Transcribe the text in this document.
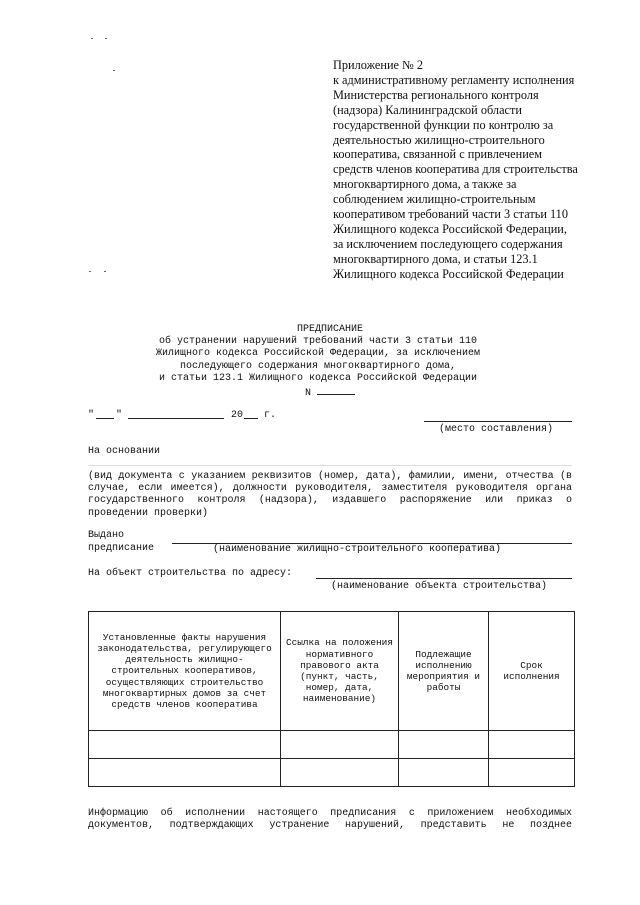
Приложение № 2
к административному регламенту исполнения
Министерства регионального контроля
(надзора) Калининградской области
государственной функции по контролю за
деятельностью жилищно-строительного
кооператива, связанной с привлечением
средств членов кооператива для строительства
многоквартирного дома, а также за
соблюдением жилищно-строительным
кооперативом требований части 3 статьи 110
Жилищного кодекса Российской Федерации,
за исключением последующего содержания
многоквартирного дома, и статьи 123.1
Жилищного кодекса Российской Федерации
ПРЕДПИСАНИЕ
об устранении нарушений требований части 3 статьи 110
Жилищного кодекса Российской Федерации, за исключением
последующего содержания многоквартирного дома,
и статьи 123.1 Жилищного кодекса Российской Федерации
N
" "	20 г.
(место составления)
На основании
(вид документа с указанием реквизитов (номер, дата), фамилии, имени, отчества (в случае, если имеется), должности руководителя, заместителя руководителя органа государственного контроля (надзора), издавшего распоряжение или приказ о проведении проверки)
Выдано
предписание	(наименование жилищно-строительного кооператива)
На объект строительства по адресу:
(наименование объекта строительства)
Установленные факты нарушения законодательства, регулирующего деятельность жилищно-строительных кооперативов, осуществляющих строительство многоквартирных домов за счет средств членов кооператива	Ссылка на положения нормативного правового акта (пункт, часть, номер, дата, наименование)	Подлежащие исполнению мероприятия и работы	Срок исполнения

Информацию об исполнении настоящего предписания с приложением необходимых документов, подтверждающих устранение нарушений, представить не позднее
